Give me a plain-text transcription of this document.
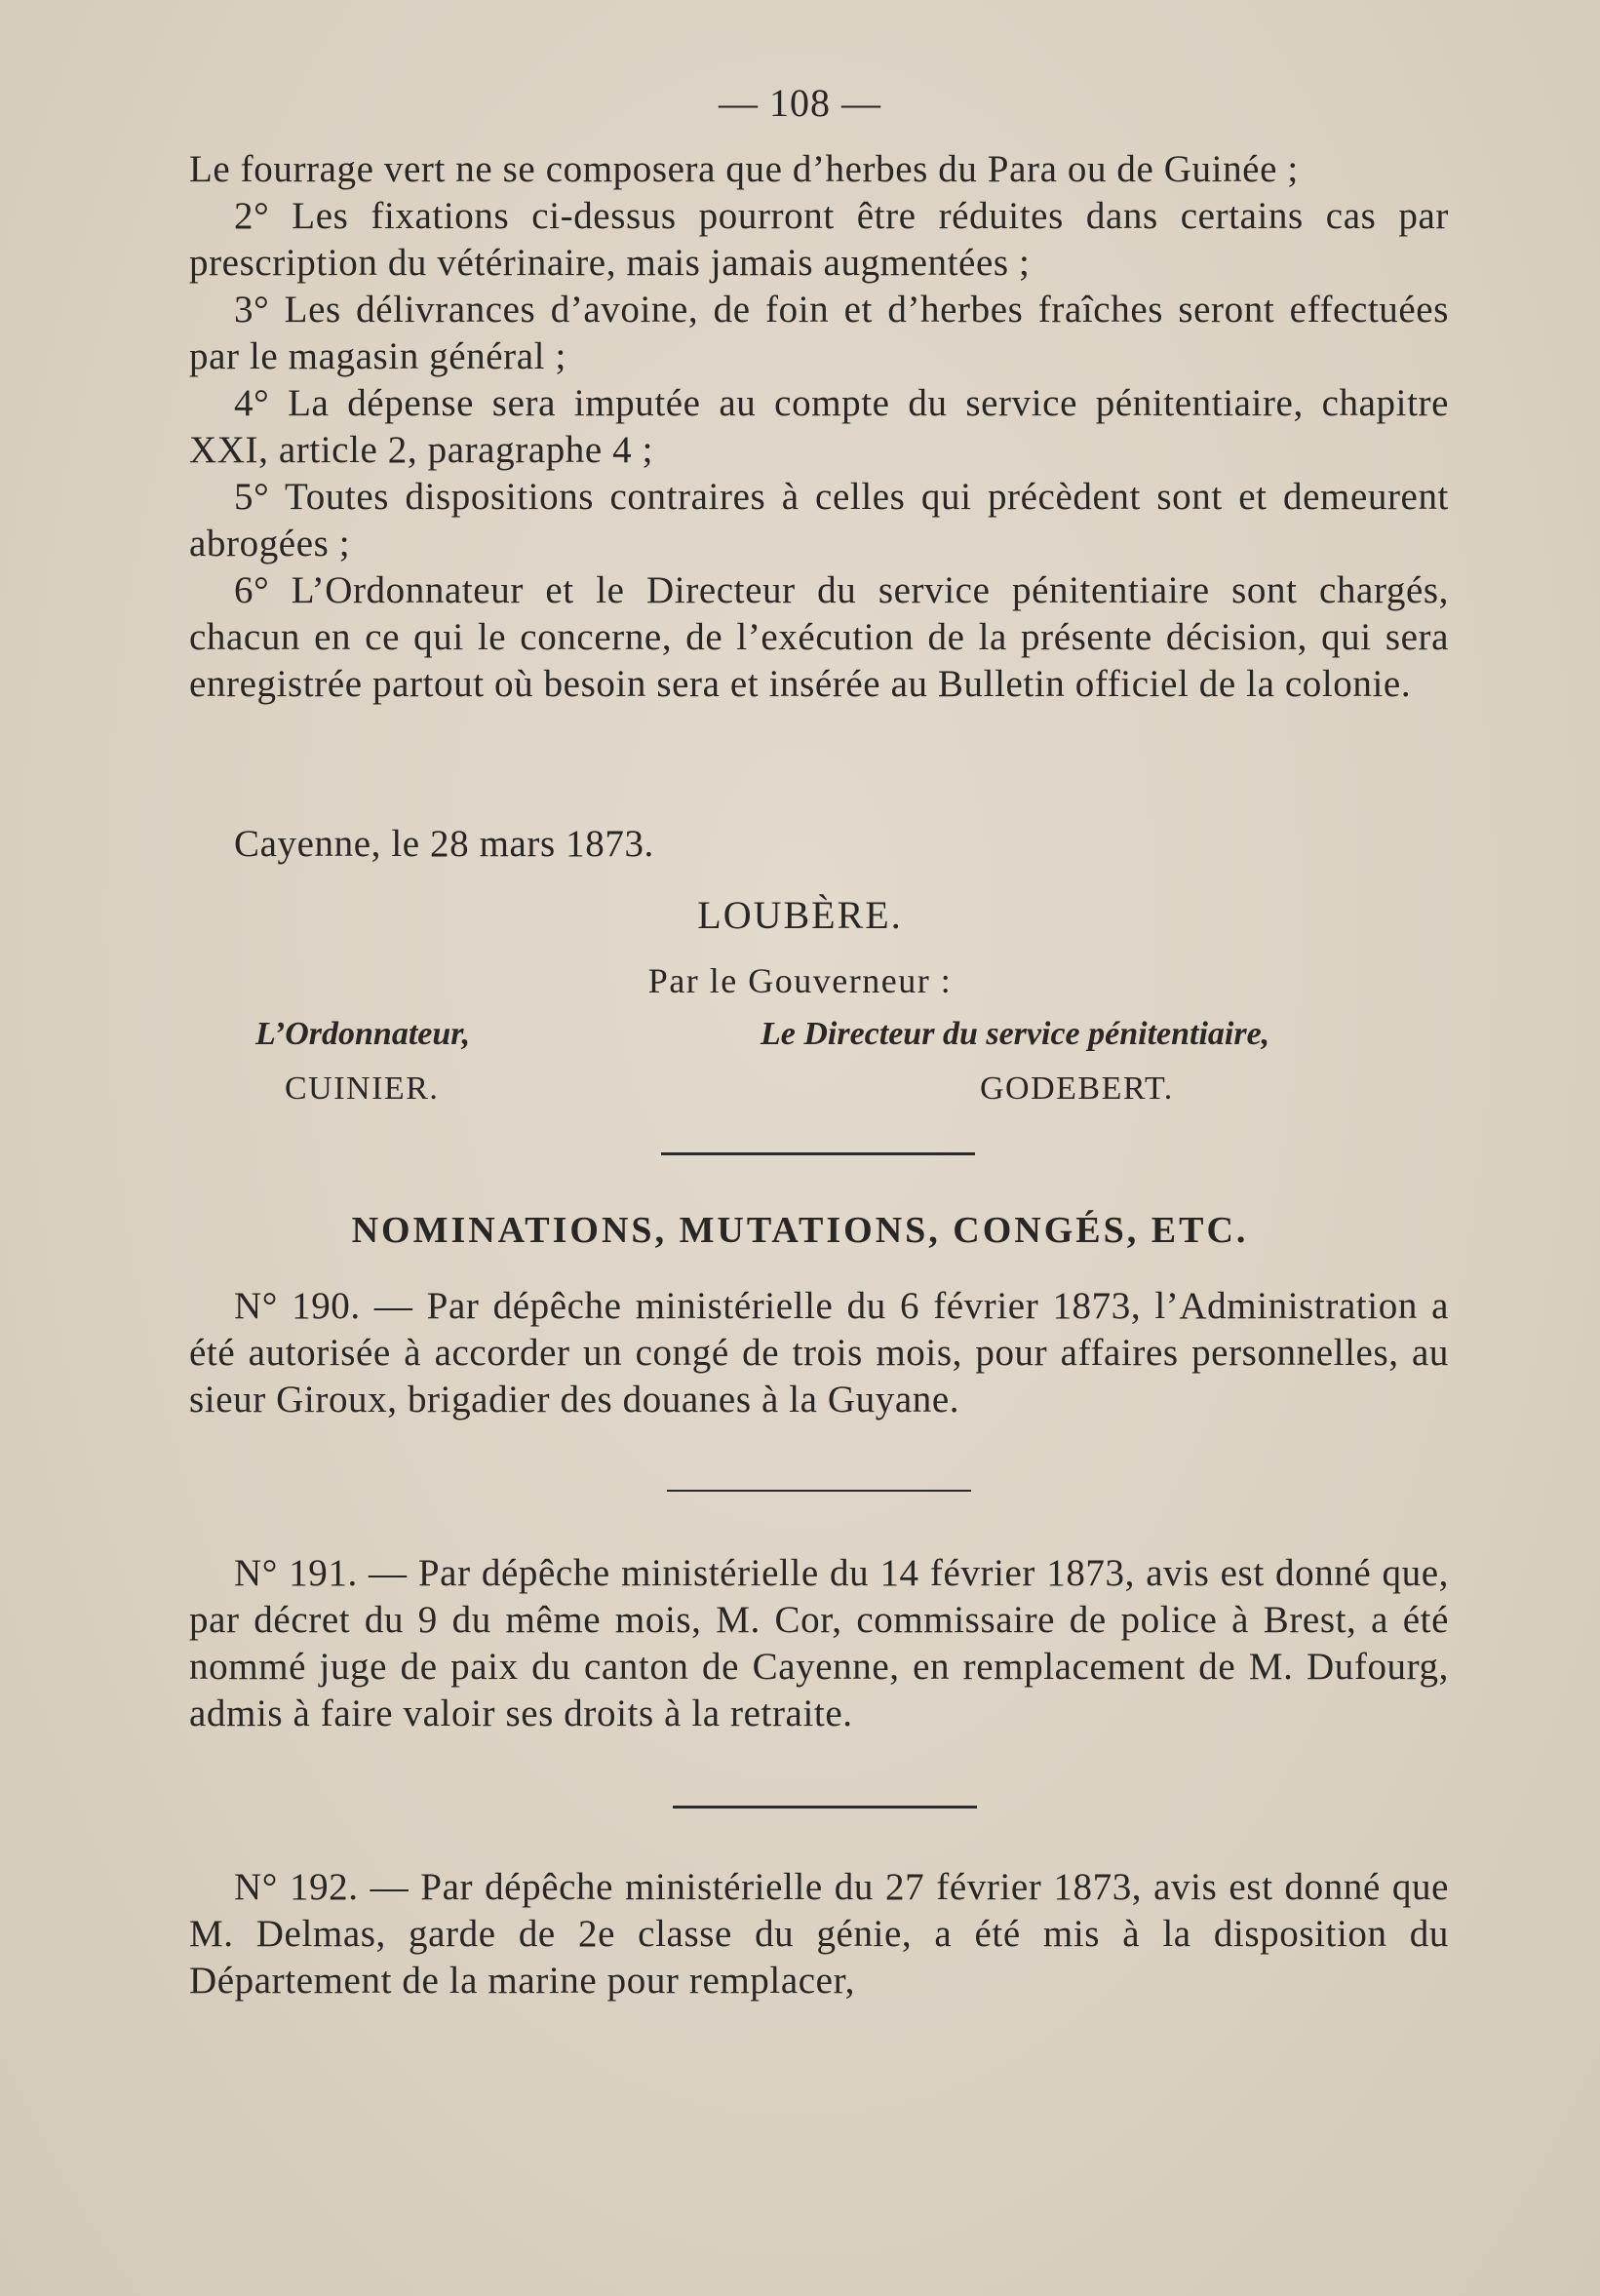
— 108 —

Le fourrage vert ne se composera que d’herbes du Para ou de Guinée ;

2° Les fixations ci-dessus pourront être réduites dans certains cas par prescription du vétérinaire, mais jamais augmentées ;

3° Les délivrances d’avoine, de foin et d’herbes fraîches seront effectuées par le magasin général ;

4° La dépense sera imputée au compte du service pénitentiaire, chapitre XXI, article 2, paragraphe 4 ;

5° Toutes dispositions contraires à celles qui précèdent sont et demeurent abrogées ;

6° L’Ordonnateur et le Directeur du service pénitentiaire sont chargés, chacun en ce qui le concerne, de l’exécution de la présente décision, qui sera enregistrée partout où besoin sera et insérée au Bulletin officiel de la colonie.

Cayenne, le 28 mars 1873.

LOUBÈRE.
Par le Gouverneur :
L’Ordonnateur,
CUINIER.
Le Directeur du service pénitentiaire,
GODEBERT.
NOMINATIONS, MUTATIONS, CONGÉS, ETC.

N° 190. — Par dépêche ministérielle du 6 février 1873, l’Administration a été autorisée à accorder un congé de trois mois, pour affaires personnelles, au sieur Giroux, brigadier des douanes à la Guyane.

N° 191. — Par dépêche ministérielle du 14 février 1873, avis est donné que, par décret du 9 du même mois, M. Cor, commissaire de police à Brest, a été nommé juge de paix du canton de Cayenne, en remplacement de M. Dufourg, admis à faire valoir ses droits à la retraite.

N° 192. — Par dépêche ministérielle du 27 février 1873, avis est donné que M. Delmas, garde de 2e classe du génie, a été mis à la disposition du Département de la marine pour remplacer,
